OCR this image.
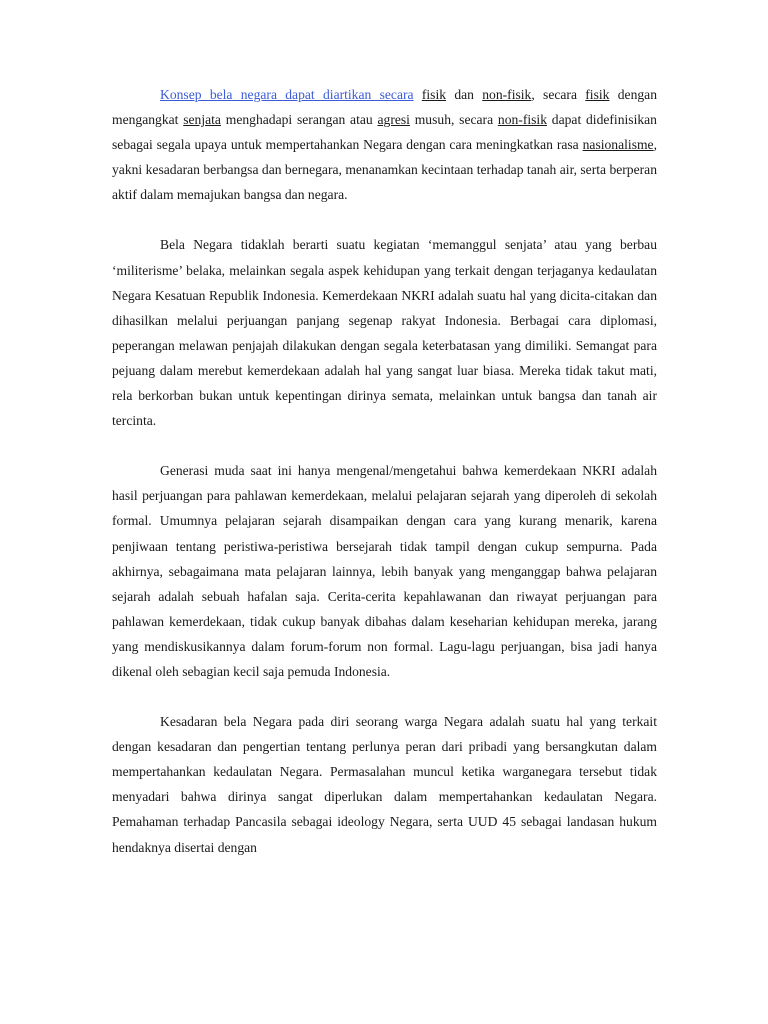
Konsep bela negara dapat diartikan secara fisik dan non-fisik, secara fisik dengan mengangkat senjata menghadapi serangan atau agresi musuh, secara non-fisik dapat didefinisikan sebagai segala upaya untuk mempertahankan Negara dengan cara meningkatkan rasa nasionalisme, yakni kesadaran berbangsa dan bernegara, menanamkan kecintaan terhadap tanah air, serta berperan aktif dalam memajukan bangsa dan negara.

Bela Negara tidaklah berarti suatu kegiatan ‘memanggul senjata’ atau yang berbau ‘militerisme’ belaka, melainkan segala aspek kehidupan yang terkait dengan terjaganya kedaulatan Negara Kesatuan Republik Indonesia. Kemerdekaan NKRI adalah suatu hal yang dicita-citakan dan dihasilkan melalui perjuangan panjang segenap rakyat Indonesia. Berbagai cara diplomasi, peperangan melawan penjajah dilakukan dengan segala keterbatasan yang dimiliki. Semangat para pejuang dalam merebut kemerdekaan adalah hal yang sangat luar biasa. Mereka tidak takut mati, rela berkorban bukan untuk kepentingan dirinya semata, melainkan untuk bangsa dan tanah air tercinta.

Generasi muda saat ini hanya mengenal/mengetahui bahwa kemerdekaan NKRI adalah hasil perjuangan para pahlawan kemerdekaan, melalui pelajaran sejarah yang diperoleh di sekolah formal. Umumnya pelajaran sejarah disampaikan dengan cara yang kurang menarik, karena penjiwaan tentang peristiwa-peristiwa bersejarah tidak tampil dengan cukup sempurna. Pada akhirnya, sebagaimana mata pelajaran lainnya, lebih banyak yang menganggap bahwa pelajaran sejarah adalah sebuah hafalan saja. Cerita-cerita kepahlawanan dan riwayat perjuangan para pahlawan kemerdekaan, tidak cukup banyak dibahas dalam keseharian kehidupan mereka, jarang yang mendiskusikannya dalam forum-forum non formal. Lagu-lagu perjuangan, bisa jadi hanya dikenal oleh sebagian kecil saja pemuda Indonesia.

Kesadaran bela Negara pada diri seorang warga Negara adalah suatu hal yang terkait dengan kesadaran dan pengertian tentang perlunya peran dari pribadi yang bersangkutan dalam mempertahankan kedaulatan Negara. Permasalahan muncul ketika warganegara tersebut tidak menyadari bahwa dirinya sangat diperlukan dalam mempertahankan kedaulatan Negara. Pemahaman terhadap Pancasila sebagai ideology Negara, serta UUD 45 sebagai landasan hukum hendaknya disertai dengan
